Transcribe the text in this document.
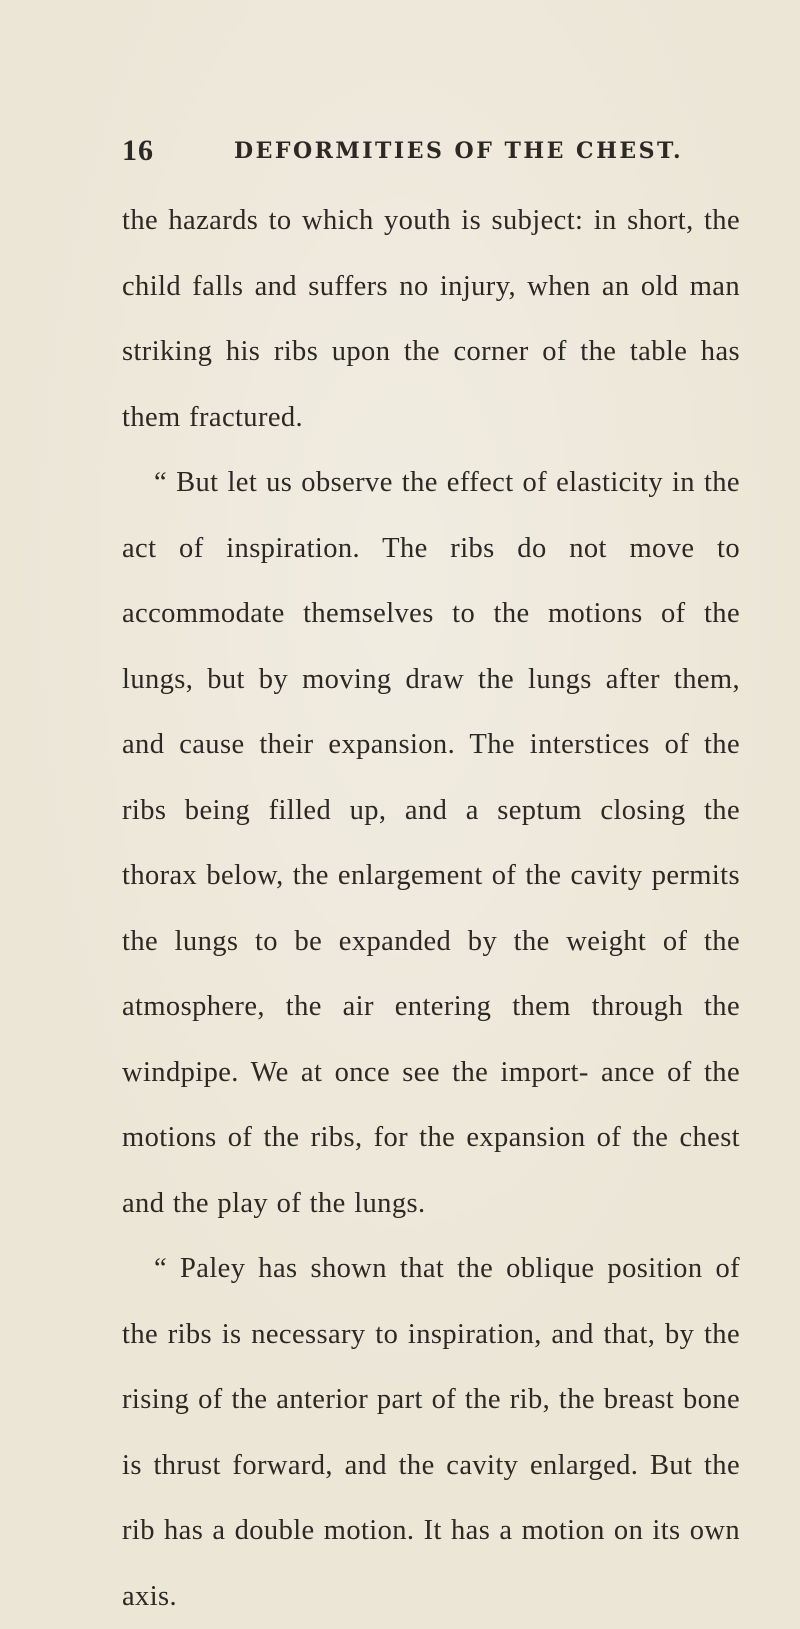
16	DEFORMITIES OF THE CHEST.

the hazards to which youth is subject: in short, the child falls and suffers no injury, when an old man striking his ribs upon the corner of the table has them fractured.

“ But let us observe the effect of elasticity in the act of inspiration. The ribs do not move to accommodate themselves to the motions of the lungs, but by moving draw the lungs after them, and cause their expansion. The interstices of the ribs being filled up, and a septum closing the thorax below, the enlargement of the cavity permits the lungs to be expanded by the weight of the atmosphere, the air entering them through the windpipe. We at once see the import- ance of the motions of the ribs, for the expansion of the chest and the play of the lungs.

“ Paley has shown that the oblique position of the ribs is necessary to inspiration, and that, by the rising of the anterior part of the rib, the breast bone is thrust forward, and the cavity enlarged. But the rib has a double motion. It has a motion on its own axis.
